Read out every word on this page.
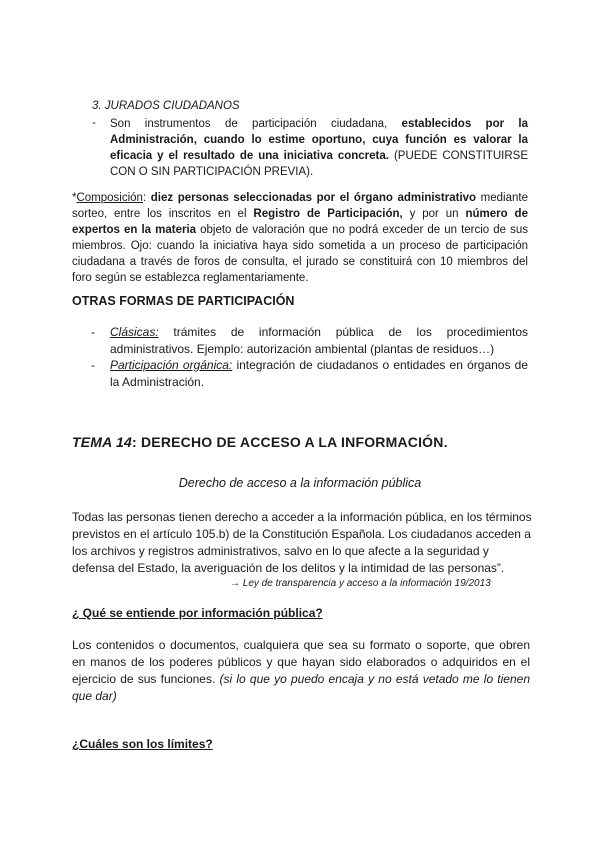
3. JURADOS CIUDADANOS
- Son instrumentos de participación ciudadana, establecidos por la Administración, cuando lo estime oportuno, cuya función es valorar la eficacia y el resultado de una iniciativa concreta. (PUEDE CONSTITUIRSE CON O SIN PARTICIPACIÓN PREVIA).
*Composición: diez personas seleccionadas por el órgano administrativo mediante sorteo, entre los inscritos en el Registro de Participación, y por un número de expertos en la materia objeto de valoración que no podrá exceder de un tercio de sus miembros. Ojo: cuando la iniciativa haya sido sometida a un proceso de participación ciudadana a través de foros de consulta, el jurado se constituirá con 10 miembros del foro según se establezca reglamentariamente.
OTRAS FORMAS DE PARTICIPACIÓN
- Clásicas: trámites de información pública de los procedimientos administrativos. Ejemplo: autorización ambiental (plantas de residuos…)
- Participación orgánica: integración de ciudadanos o entidades en órganos de la Administración.
TEMA 14: DERECHO DE ACCESO A LA INFORMACIÓN.
Derecho de acceso a la información pública
Todas las personas tienen derecho a acceder a la información pública, en los términos previstos en el artículo 105.b) de la Constitución Española. Los ciudadanos acceden a los archivos y registros administrativos, salvo en lo que afecte a la seguridad y defensa del Estado, la averiguación de los delitos y la intimidad de las personas”.
→ Ley de transparencia y acceso a la información 19/2013
¿ Qué se entiende por información pública?
Los contenidos o documentos, cualquiera que sea su formato o soporte, que obren en manos de los poderes públicos y que hayan sido elaborados o adquiridos en el ejercicio de sus funciones. (si lo que yo puedo encaja y no está vetado me lo tienen que dar)
¿Cuáles son los límites?
